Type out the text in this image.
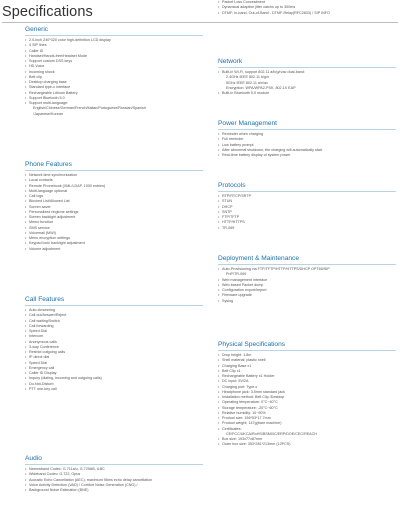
Specifications
Generic
• 2.0-inch 240*320 color high-definition LCD display
• 4 SIP lines
• Caller ID
• Handset/Hands-free/Headset Mode
• Support custom DSS keys
• HD Voice
• Incoming shock
• Belt clip
• Desktop charging base
• Standard type-c interface
• Rechargeable Lithium Battery
• Support Bluetooth 5.0
• Support multi-language:
English/Chinese/German/French/Italian/Portuguese/Russian/Spanish
/Japanese/Korean
Phone Features
• Network time synchronization
• Local contacts
• Remote Phonebook (XML/LDAP, 1000 entries)
• Multi-language optional
• Call logs
• Blocked List/Allowed List
• Screen saver
• Personalized ringtone settings
• Screen backlight adjustment
• Memo function
• SMS service
• Voicemail (MWI)
• Menu encryption settings
• Keypad lock/ backlight adjustment
• Volume adjustment
Call Features
• Auto-Answering
• Call out/Answer/Reject
• Call waiting/Switch
• Call forwarding
• Speed Dial
• Intercom
• Anonymous calls
• 3-way Conference
• Restrict outgoing calls
• IP direct dial
• Speed Dial
• Emergency call
• Caller ID Display
• Inquiry (dialing, incoming and outgoing calls)
• Do-Not-Disturb
• PTT one-key call
Audio
• Narrowband Codec: G.711a/u, G.729AB, iLBC
• Wideband Codec: G.722, Opus
• Acoustic Echo Cancellation (AEC), maximum 96ms echo delay cancellation
• Voice Activity Detection (VAD) / Comfort Noise Generation (CNG) /
• Background Noise Estimation (BNE)
• Packet Loss Concealment
• Dynamical adaptive jitter catchs up to 300ms
• DTMF: in-band, Out-of-Band - DTMF-Relay(RFC2833) / SIP INFO
Network
• Built-in Wi-Fi, support 802.11 a/b/g/n/ac dual-band:
2.4GHz IEEE 802.11 b/g/n
5GHz IEEE 802.11 a/n/ac
Encryption: WPA/WPA2-PSK, 802.1X EAP
• Built-in Bluetooth 5.0 module
Power Management
• Reminder when charging
• Full reminder
• Low battery prompt
• After abnormal shutdown, the charging will automatically start
• Real-time battery display of system power
Protocols
• RTP/RTCP/SRTP
• STUN
• DHCP
• SNTP
• FTP/TFTP
• HTTP/HTTPS
• TR-069
Deployment & Maintenance
• Auto-Provisioning via FTP/TFTP/HTTP/HTTPS/DHCP OPT66/SIP
PnP/TR-069
• Web management interface
• Web-based Packet dump
• Configuration export/import
• Firmware upgrade
• Syslog
Physical Specifications
• Drop height: 1.8m
• Shell material: plastic shell
• Charging Base x1
• Belt Clip x1
• Rechargeable Battery x1 Holder
• DC input: 5V/2A
• Charging port: Type-c
• Headphone jack: 3.5mm standard jack
• Installation method: Belt Clip /Desktop
• Operating temperature: 0°C~40°C
• Storage temperature: -20°C~60°C
• Relative humidity: 10~90%
• Product size: 156*53*17.7mm
• Product weight: 147g(bare machine)
• Certificates:
CE/FCC/UKCA/RoHS/BSMI/IC/ERP/DOE/CEC/REACH
• Box size: 193x77x87mm
• Outer box size: 353*281*213mm (12PCS)
